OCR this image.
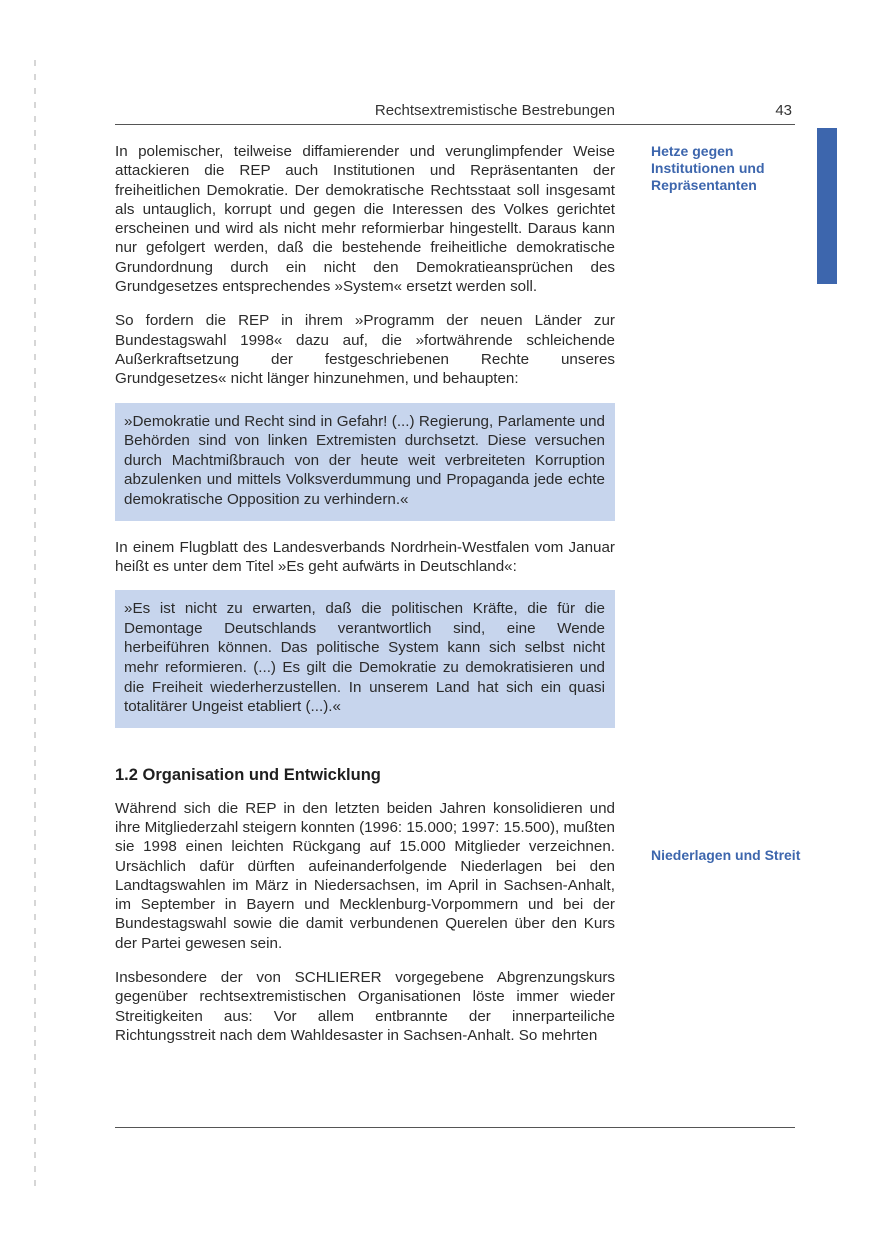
Rechtsextremistische Bestrebungen	43
Hetze gegen Institutionen und Repräsentanten
Niederlagen und Streit

In polemischer, teilweise diffamierender und verunglimpfender Weise attackieren die REP auch Institutionen und Repräsentanten der freiheitlichen Demokratie. Der demokratische Rechtsstaat soll insgesamt als untauglich, korrupt und gegen die Interessen des Volkes gerichtet erscheinen und wird als nicht mehr reformierbar hingestellt. Daraus kann nur gefolgert werden, daß die bestehende freiheitliche demokratische Grundordnung durch ein nicht den Demokratieansprüchen des Grundgesetzes entsprechendes »System« ersetzt werden soll.

So fordern die REP in ihrem »Programm der neuen Länder zur Bundestagswahl 1998« dazu auf, die »fortwährende schleichende Außerkraftsetzung der festgeschriebenen Rechte unseres Grundgesetzes« nicht länger hinzunehmen, und behaupten:

»Demokratie und Recht sind in Gefahr! (...) Regierung, Parlamente und Behörden sind von linken Extremisten durchsetzt. Diese versuchen durch Machtmißbrauch von der heute weit verbreiteten Korruption abzulenken und mittels Volksverdummung und Propaganda jede echte demokratische Opposition zu verhindern.«

In einem Flugblatt des Landesverbands Nordrhein-Westfalen vom Januar heißt es unter dem Titel »Es geht aufwärts in Deutschland«:

»Es ist nicht zu erwarten, daß die politischen Kräfte, die für die Demontage Deutschlands verantwortlich sind, eine Wende herbeiführen können. Das politische System kann sich selbst nicht mehr reformieren. (...) Es gilt die Demokratie zu demokratisieren und die Freiheit wiederherzustellen. In unserem Land hat sich ein quasi totalitärer Ungeist etabliert (...).«

1.2 Organisation und Entwicklung

Während sich die REP in den letzten beiden Jahren konsolidieren und ihre Mitgliederzahl steigern konnten (1996: 15.000; 1997: 15.500), mußten sie 1998 einen leichten Rückgang auf 15.000 Mitglieder verzeichnen. Ursächlich dafür dürften aufeinanderfolgende Niederlagen bei den Landtagswahlen im März in Niedersachsen, im April in Sachsen-Anhalt, im September in Bayern und Mecklenburg-Vorpommern und bei der Bundestagswahl sowie die damit verbundenen Querelen über den Kurs der Partei gewesen sein.

Insbesondere der von SCHLIERER vorgegebene Abgrenzungskurs gegenüber rechtsextremistischen Organisationen löste immer wieder Streitigkeiten aus: Vor allem entbrannte der innerparteiliche Richtungsstreit nach dem Wahldesaster in Sachsen-Anhalt. So mehrten
